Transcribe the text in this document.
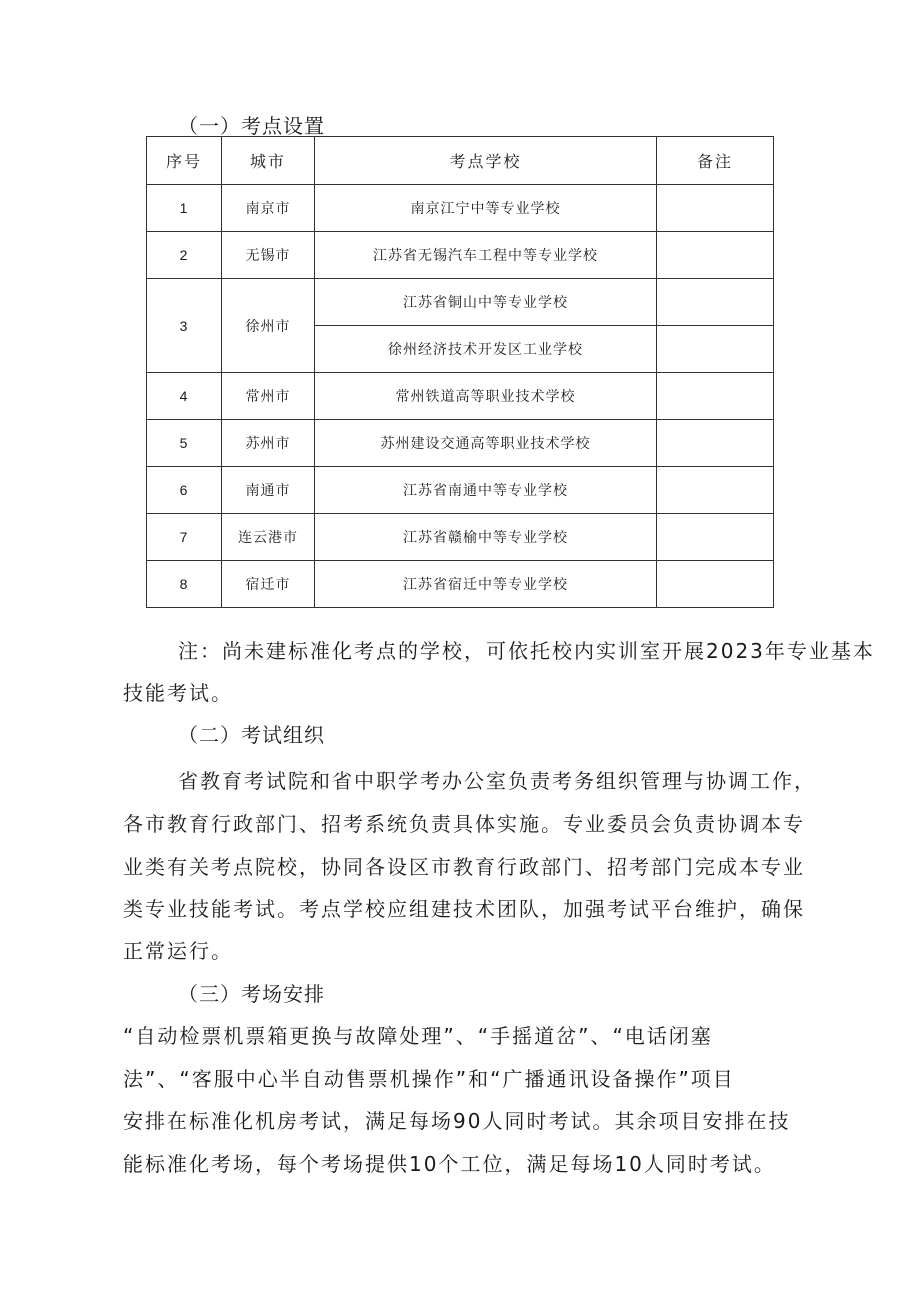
（一）考点设置
序号	城市	考点学校	备注
1	南京市	南京江宁中等专业学校	
2	无锡市	江苏省无锡汽车工程中等专业学校	
3	徐州市	江苏省铜山中等专业学校	
		徐州经济技术开发区工业学校	
4	常州市	常州铁道高等职业技术学校	
5	苏州市	苏州建设交通高等职业技术学校	
6	南通市	江苏省南通中等专业学校	
7	连云港市	江苏省赣榆中等专业学校	
8	宿迁市	江苏省宿迁中等专业学校	
注：尚未建标准化考点的学校，可依托校内实训室开展2023年专业基本
技能考试。
（二）考试组织
省教育考试院和省中职学考办公室负责考务组织管理与协调工作，
各市教育行政部门、招考系统负责具体实施。专业委员会负责协调本专
业类有关考点院校，协同各设区市教育行政部门、招考部门完成本专业
类专业技能考试。考点学校应组建技术团队，加强考试平台维护，确保
正常运行。
（三）考场安排
“自动检票机票箱更换与故障处理”、“手摇道岔”、“电话闭塞
法”、“客服中心半自动售票机操作”和“广播通讯设备操作”项目
安排在标准化机房考试，满足每场90人同时考试。其余项目安排在技
能标准化考场，每个考场提供10个工位，满足每场10人同时考试。
